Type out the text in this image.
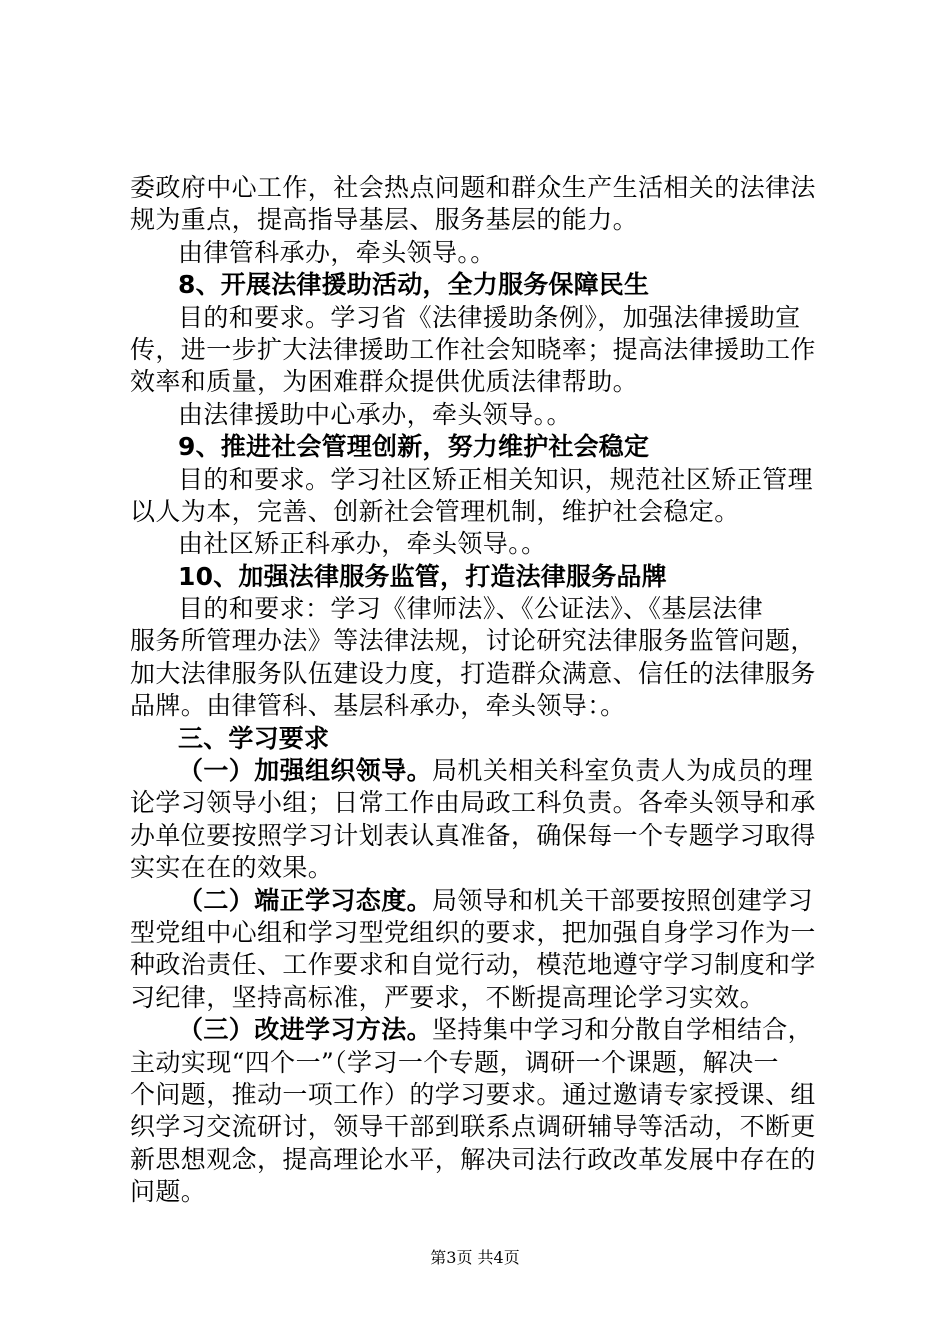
委政府中心工作，社会热点问题和群众生产生活相关的法律法
规为重点，提高指导基层、服务基层的能力。
由律管科承办，牵头领导。。
8、开展法律援助活动，全力服务保障民生
目的和要求。学习省《法律援助条例》，加强法律援助宣
传，进一步扩大法律援助工作社会知晓率；提高法律援助工作
效率和质量，为困难群众提供优质法律帮助。
由法律援助中心承办，牵头领导。。
9、推进社会管理创新，努力维护社会稳定
目的和要求。学习社区矫正相关知识，规范社区矫正管理
以人为本，完善、创新社会管理机制，维护社会稳定。
由社区矫正科承办，牵头领导。。
10、加强法律服务监管，打造法律服务品牌
目的和要求：学习《律师法》、《公证法》、《基层法律
服务所管理办法》等法律法规，讨论研究法律服务监管问题，
加大法律服务队伍建设力度，打造群众满意、信任的法律服务
品牌。由律管科、基层科承办，牵头领导：。
三、学习要求
（一）加强组织领导。局机关相关科室负责人为成员的理
论学习领导小组；日常工作由局政工科负责。各牵头领导和承
办单位要按照学习计划表认真准备，确保每一个专题学习取得
实实在在的效果。
（二）端正学习态度。局领导和机关干部要按照创建学习
型党组中心组和学习型党组织的要求，把加强自身学习作为一
种政治责任、工作要求和自觉行动，模范地遵守学习制度和学
习纪律，坚持高标准，严要求，不断提高理论学习实效。
（三）改进学习方法。坚持集中学习和分散自学相结合，
主动实现“四个一”（学习一个专题，调研一个课题，解决一
个问题，推动一项工作）的学习要求。通过邀请专家授课、组
织学习交流研讨，领导干部到联系点调研辅导等活动，不断更
新思想观念，提高理论水平，解决司法行政改革发展中存在的
问题。
第3页 共4页
